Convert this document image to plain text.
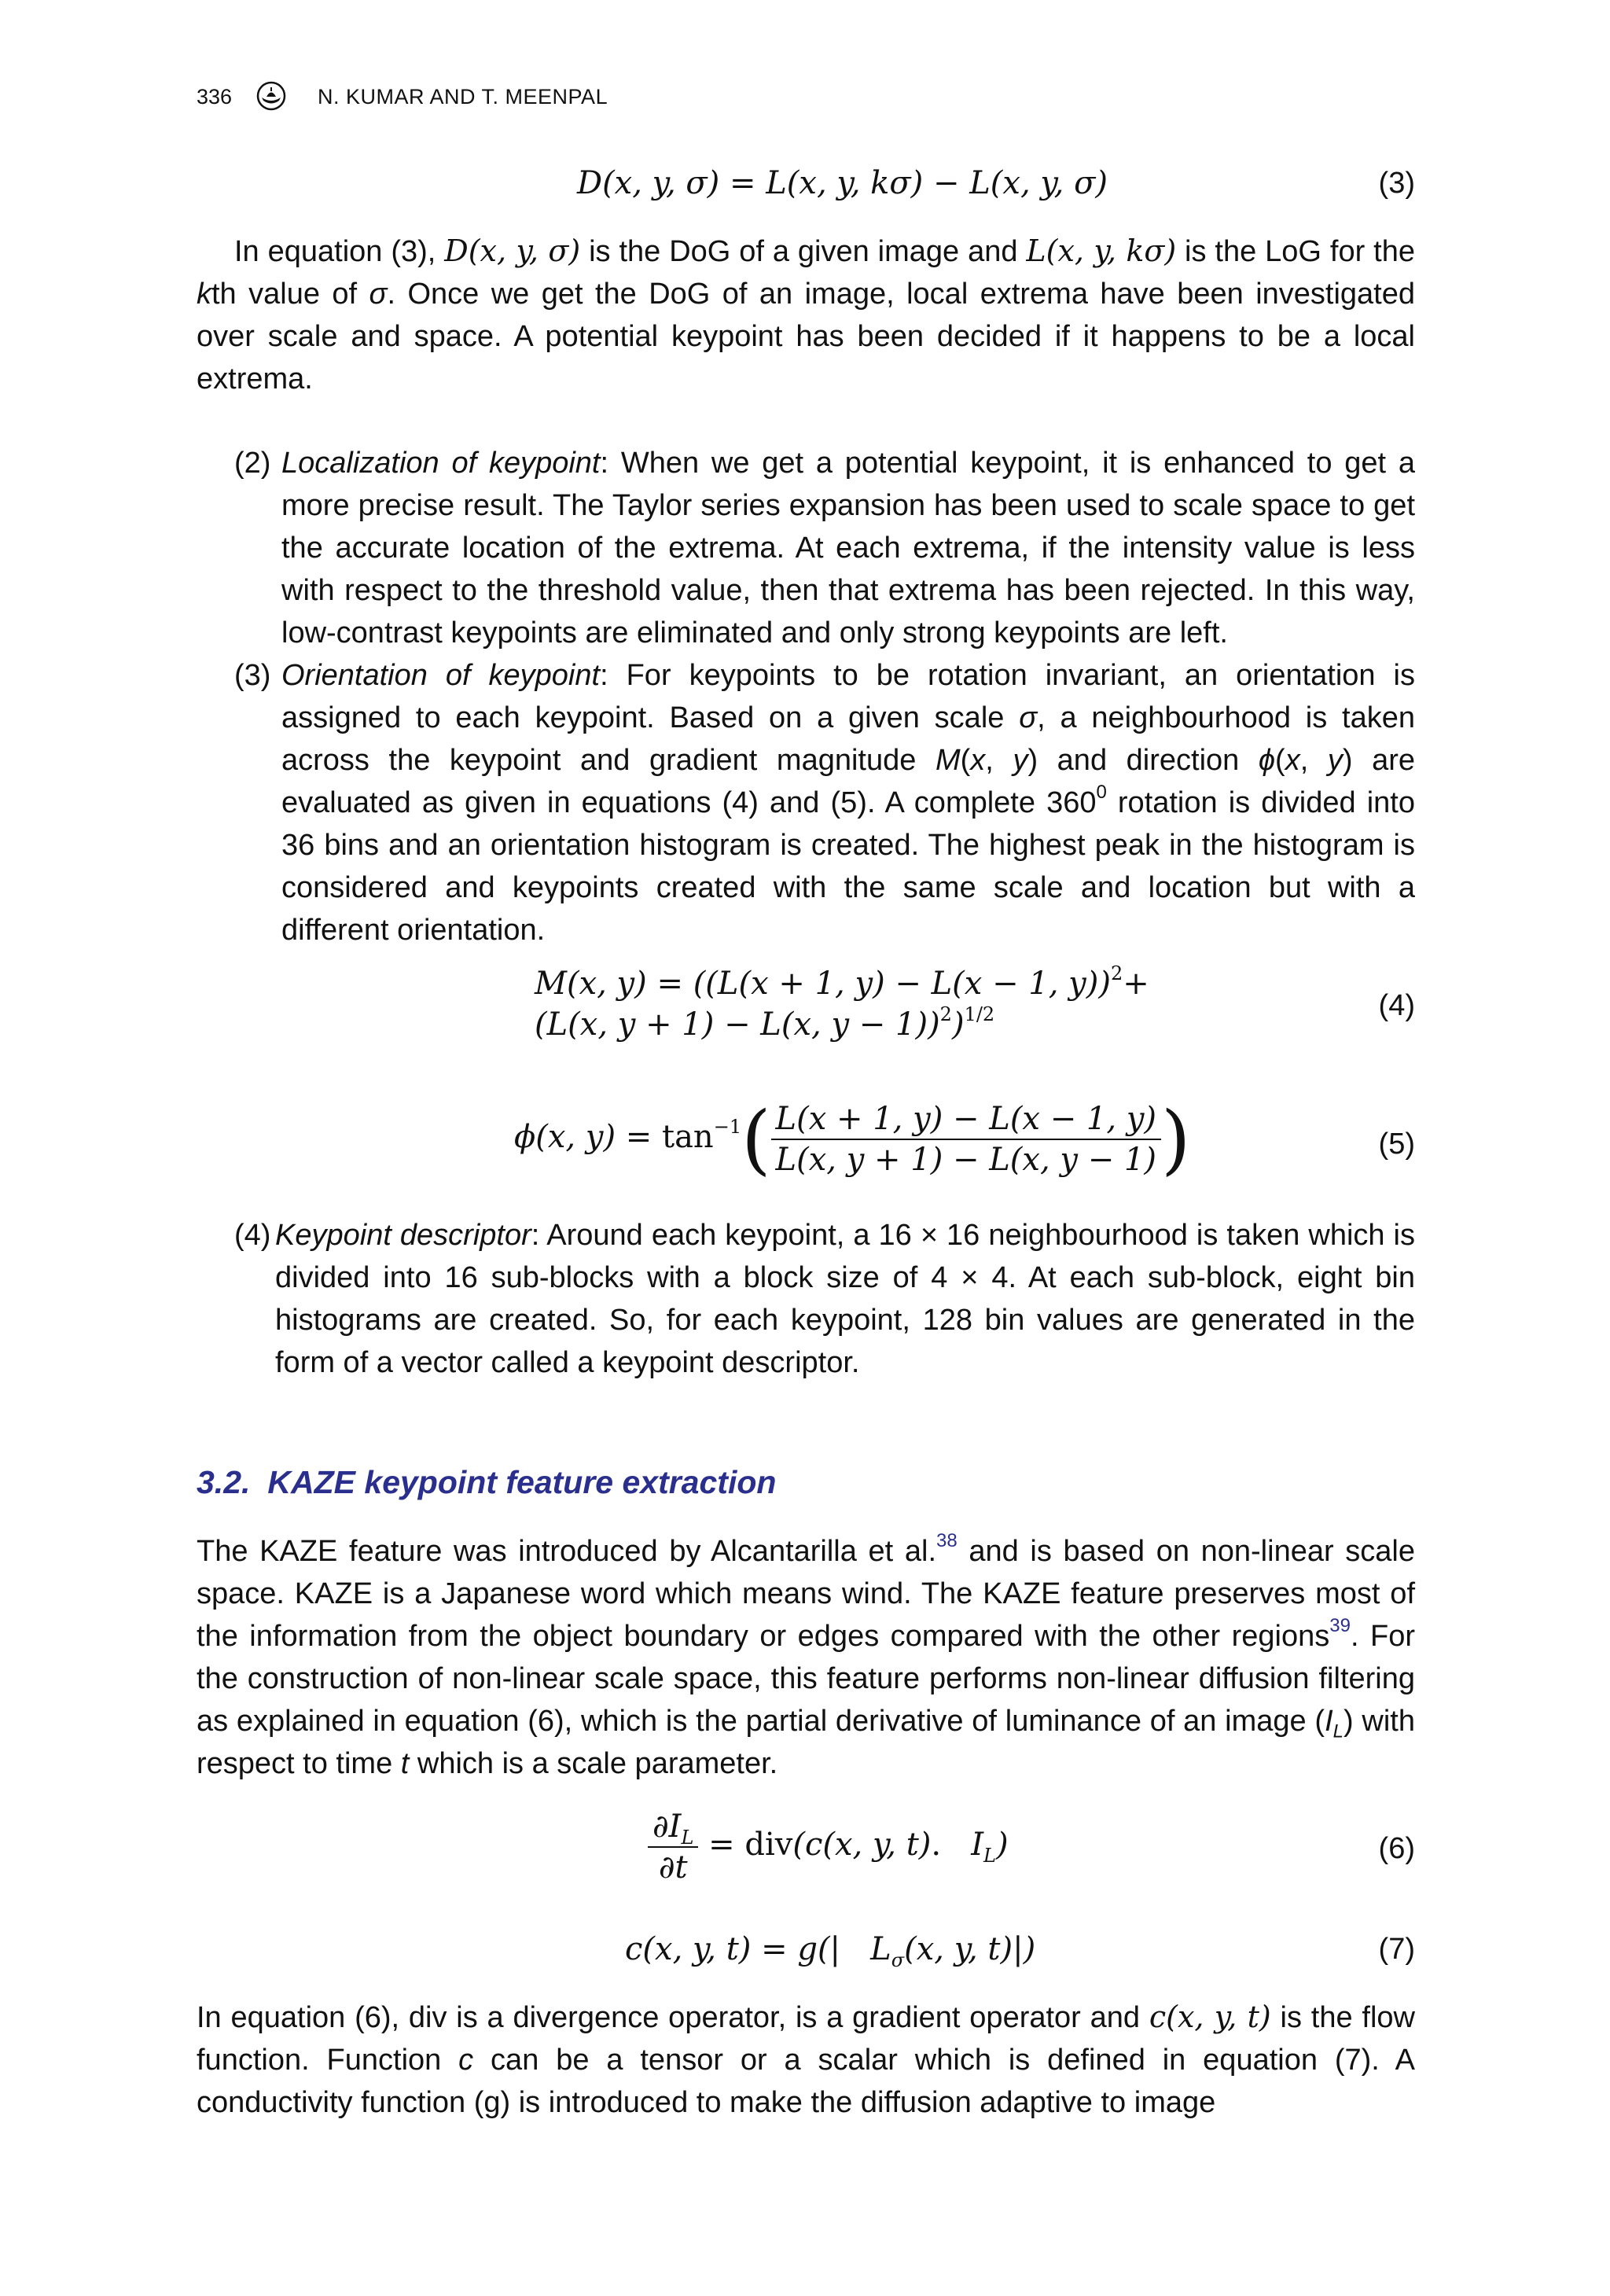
336	N. KUMAR AND T. MEENPAL
D(x, y, σ) = L(x, y, kσ) − L(x, y, σ)	(3)
In equation (3), D(x, y, σ) is the DoG of a given image and L(x, y, kσ) is the LoG for the kth value of σ. Once we get the DoG of an image, local extrema have been investigated over scale and space. A potential keypoint has been decided if it happens to be a local extrema.
(2) Localization of keypoint: When we get a potential keypoint, it is enhanced to get a more precise result. The Taylor series expansion has been used to scale space to get the accurate location of the extrema. At each extrema, if the intensity value is less with respect to the threshold value, then that extrema has been rejected. In this way, low-contrast keypoints are eliminated and only strong keypoints are left.
(3) Orientation of keypoint: For keypoints to be rotation invariant, an orientation is assigned to each keypoint. Based on a given scale σ, a neighbourhood is taken across the keypoint and gradient magnitude M(x, y) and direction ϕ(x, y) are evaluated as given in equations (4) and (5). A complete $360^0$ rotation is divided into 36 bins and an orientation histogram is created. The highest peak in the histogram is considered and keypoints created with the same scale and location but with a different orientation.
M(x, y) = ((L(x + 1, y) − L(x − 1, y))$^2$+
(L(x, y + 1) − L(x, y − 1))$^2$)$^{1/2}$	(4)
ϕ(x, $y) = \tan^{-1}( \frac{L(x + 1, y) - L(x - 1, y)}{L(x, y + 1) - L(x, y - 1)}$ )	(5)
(4) Keypoint descriptor: Around each keypoint, a 16 × 16 neighbourhood is taken which is divided into 16 sub-blocks with a block size of 4 × 4. At each sub-block, eight bin histograms are created. So, for each keypoint, 128 bin values are generated in the form of a vector called a keypoint descriptor.
3.2. KAZE keypoint feature extraction
The KAZE feature was introduced by Alcantarilla et al.$^{38}$ and is based on non-linear scale space. KAZE is a Japanese word which means wind. The KAZE feature preserves most of the information from the object boundary or edges compared with the other regions$^{39}$. For the construction of non-linear scale space, this feature performs non-linear diffusion filtering as explained in equation (6), which is the partial derivative of luminance of an image $(I_L)$ with respect to time t which is a scale parameter.
$\frac{\partial I_L}{\partial t} = div(c(x$, y, t).   $I_L$)	(6)
c(x, y, t) = g(|   $L_\sigma(x$, y, t)|)	(7)
In equation (6), div is a divergence operator, is a gradient operator and c(x, y, t) is the flow function. Function c can be a tensor or a scalar which is defined in equation (7). A conductivity function (g) is introduced to make the diffusion adaptive to image
